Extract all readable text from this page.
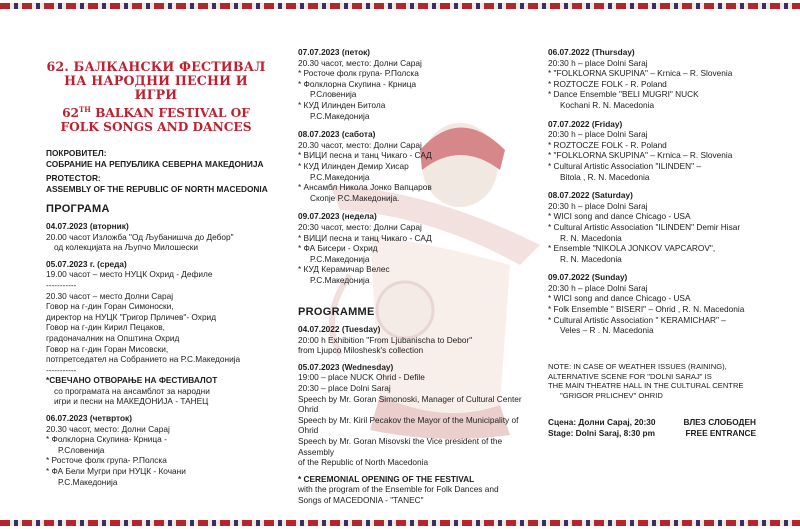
62. БАЛКАНСКИ ФЕСТИВАЛ
НА НАРОДНИ ПЕСНИ И ИГРИ
62TH BALKAN FESTIVAL OF
FOLK SONGS AND DANCES
ПОКРОВИТЕЛ:
СОБРАНИЕ НА РЕПУБЛИКА СЕВЕРНА МАКЕДОНИЈА
PROTECTOR:
ASSEMBLY OF THE REPUBLIC OF NORTH MACEDONIA
ПРОГРАМА
04.07.2023 (вторник)
20.00 часот Изложба "Од Љубанишча до Дебор"
од колекцијата на Љупчо Милошески
05.07.2023 г. (среда)
19.00 часот – место НУЦК Охрид - Дефиле
-----------
20.30 часот – место Долни Сарај
Говор на г-дин Горан Симоноски,
директор на НУЦК "Григор Прличев"- Охрид
Говор на г-дин Кирил Пецаков,
градоначалник на Општина Охрид
Говор на г-дин Горан Мисовски,
потпретседател на Собранието на Р.С.Македонија
-----------
*СВЕЧАНО ОТВОРАЊЕ НА ФЕСТИВАЛОТ
со програмата на ансамблот за народни
игри и песни на МАКЕДОНИЈА - ТАНЕЦ
06.07.2023 (четврток)
20.30 часот, место: Долни Сарај
* Фолклорна Скупина- Крница -
Р.Словенија
* Росточе фолк група- Р.Полска
* ФА Бели Мугри при НУЦК - Кочани
Р.С.Македонија
07.07.2023 (петок)
20.30 часот, место: Долни Сарај
* Росточе фолк група- Р.Полска
* Фолклорна Скупина - Крница
Р.Словенија
* КУД Илинден Битола
Р.С.Македонија
08.07.2023 (сабота)
20.30 часот, место: Долни Сарај
* ВИЦИ песна и танц Чикаго - САД
* КУД Илинден Демир Хисар
Р.С.Македонија
* Ансамбл Никола Јонко Вапцаров
Скопје Р.С.Македонија.
09.07.2023 (недела)
20:30 часот, место: Долни Сарај
* ВИЦИ песна и танц Чикаго - САД
* ФА Бисери - Охрид
Р.С.Македонија
* КУД Керамичар Велес
Р.С.Македонија
PROGRAMME
04.07.2022 (Tuesday)
20:00 h Exhibition "From Ljubanischa to Debor"
from Ljupco Miloshesk's collection
05.07.2023 (Wednesday)
19:00 – place NUCK Ohrid - Defile
20:30 – place Dolni Saraj
Speech by Mr. Goran Simonoski, Manager of Cultural Center Ohrid
Speech by Mr. Kiril Pecakov the Mayor of the Municipality of Ohrid
Speech by Mr. Goran Misovski the Vice president of the Assembly
of the Republic of North Macedonia
* CEREMONIAL OPENING OF THE FESTIVAL
with the program of the Ensemble for Folk Dances and
Songs of MACEDONIA - "TANEC"
06.07.2022 (Thursday)
20:30 h – place Dolni Saraj
* "FOLKLORNA SKUPINA" – Krnica – R. Slovenia
* ROZTOCZE FOLK - R. Poland
* Dance Ensemble "BELI MUGRI" NUCK
Kochani R. N. Macedonia
07.07.2022 (Friday)
20:30 h – place Dolni Saraj
* ROZTOCZE FOLK - R. Poland
* "FOLKLORNA SKUPINA" – Krnica – R. Slovenia
* Cultural Artistic Association "ILINDEN" –
Bitola , R. N. Macedonia
08.07.2022 (Saturday)
20:30 h – place Dolni Saraj
* WICI song and dance Chicago - USA
* Cultural Artistic Association "ILINDEN" Demir Hisar
R. N. Macedonia
* Ensemble "NIKOLA JONKOV VAPCAROV",
R. N. Macedonia
09.07.2022 (Sunday)
20:30 h – place Dolni Saraj
* WICI song and dance Chicago - USA
* Folk Ensemble " BISERI" – Ohrid , R. N. Macedonia
* Cultural Artistic Association " KERAMICHAR" –
Veles – R . N. Macedonia
NOTE: IN CASE OF WEATHER ISSUES (RAINING),
ALTERNATIVE SCENE FOR "DOLNI SARAJ" IS
THE MAIN THEATRE HALL IN THE CULTURAL CENTRE
"GRIGOR PRLICHEV" OHRID
Сцена: Долни Сарај, 20:30	ВЛЕЗ СЛОБОДЕН
Stage: Dolni Saraj, 8:30 pm	FREE ENTRANCE
